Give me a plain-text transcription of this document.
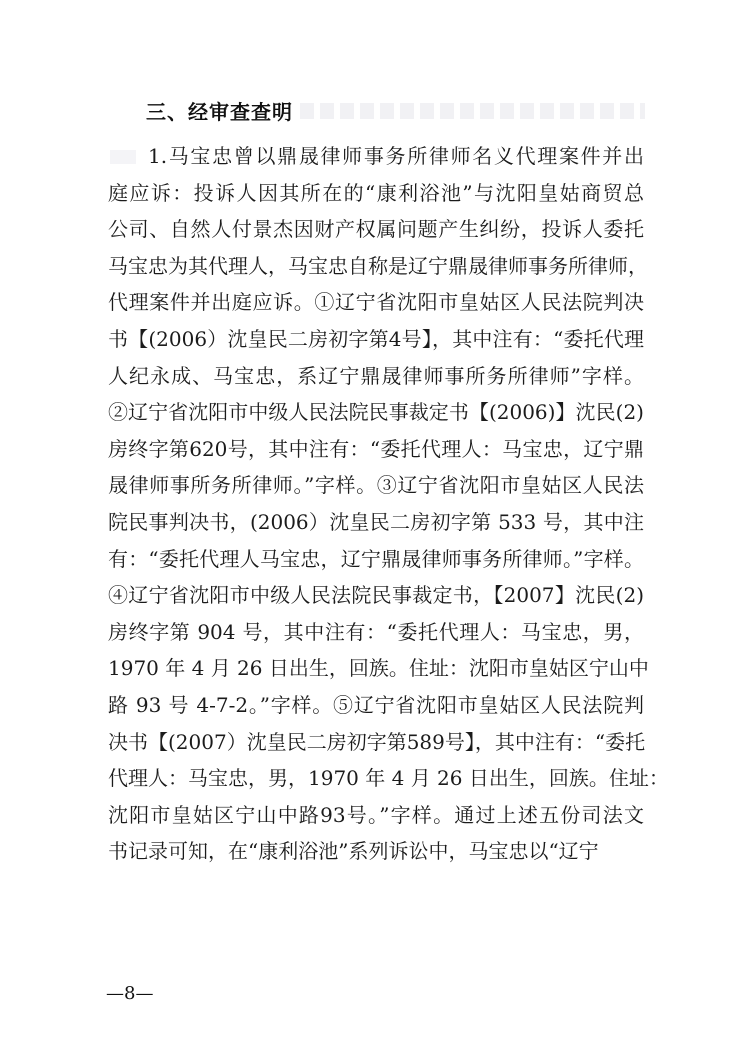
三、经审查查明
1.马宝忠曾以鼎晟律师事务所律师名义代理案件并出
庭应诉：投诉人因其所在的“康利浴池”与沈阳皇姑商贸总
公司、自然人付景杰因财产权属问题产生纠纷，投诉人委托
马宝忠为其代理人，马宝忠自称是辽宁鼎晟律师事务所律师，
代理案件并出庭应诉。①辽宁省沈阳市皇姑区人民法院判决
书【(2006）沈皇民二房初字第4号】，其中注有：“委托代理
人纪永成、马宝忠，系辽宁鼎晟律师事所务所律师”字样。
②辽宁省沈阳市中级人民法院民事裁定书【(2006)】沈民(2)
房终字第620号，其中注有：“委托代理人：马宝忠，辽宁鼎
晟律师事所务所律师。”字样。③辽宁省沈阳市皇姑区人民法
院民事判决书，(2006）沈皇民二房初字第 533 号，其中注
有：“委托代理人马宝忠，辽宁鼎晟律师事务所律师。”字样。
④辽宁省沈阳市中级人民法院民事裁定书，【2007】沈民(2)
房终字第 904 号，其中注有：“委托代理人：马宝忠，男，
1970 年 4 月 26 日出生，回族。住址：沈阳市皇姑区宁山中
路 93 号 4-7-2。”字样。⑤辽宁省沈阳市皇姑区人民法院判
决书【(2007）沈皇民二房初字第589号】，其中注有：“委托
代理人：马宝忠，男，1970 年 4 月 26 日出生，回族。住址：
沈阳市皇姑区宁山中路93号。”字样。通过上述五份司法文
书记录可知，在“康利浴池”系列诉讼中，马宝忠以“辽宁
—8—
